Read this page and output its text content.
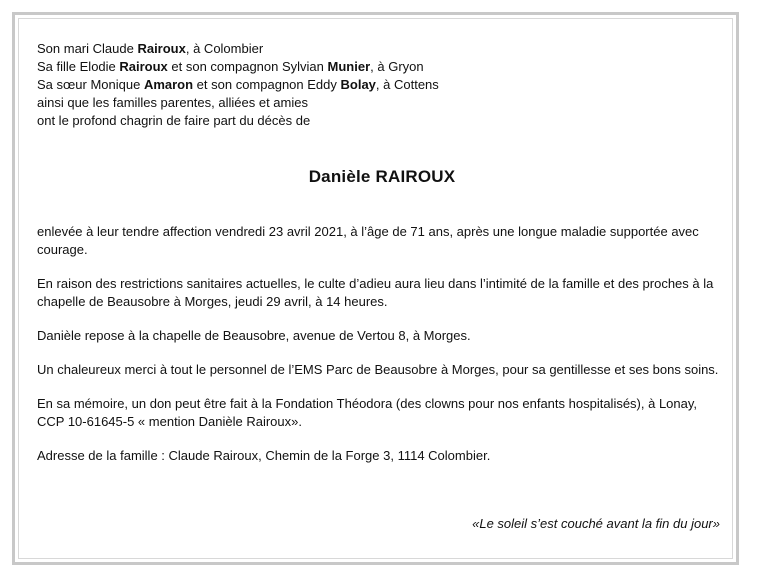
Son mari Claude Rairoux, à Colombier

Sa fille Elodie Rairoux et son compagnon Sylvian Munier, à Gryon

Sa sœur Monique Amaron et son compagnon Eddy Bolay, à Cottens

ainsi que les familles parentes, alliées et amies

ont le profond chagrin de faire part du décès de

Danièle RAIROUX

enlevée à leur tendre affection vendredi 23 avril 2021, à l’âge de 71 ans, après une longue maladie supportée avec courage.

En raison des restrictions sanitaires actuelles, le culte d’adieu aura lieu dans l’intimité de la famille et des proches à la chapelle de Beausobre à Morges, jeudi 29 avril, à 14 heures.

Danièle repose à la chapelle de Beausobre, avenue de Vertou 8, à Morges.

Un chaleureux merci à tout le personnel de l’EMS Parc de Beausobre à Morges, pour sa gentillesse et ses bons soins.

En sa mémoire, un don peut être fait à la Fondation Théodora (des clowns pour nos enfants hospitalisés), à Lonay, CCP 10-61645-5 « mention Danièle Rairoux».

Adresse de la famille : Claude Rairoux, Chemin de la Forge 3, 1114 Colombier.

«Le soleil s’est couché avant la fin du jour»
